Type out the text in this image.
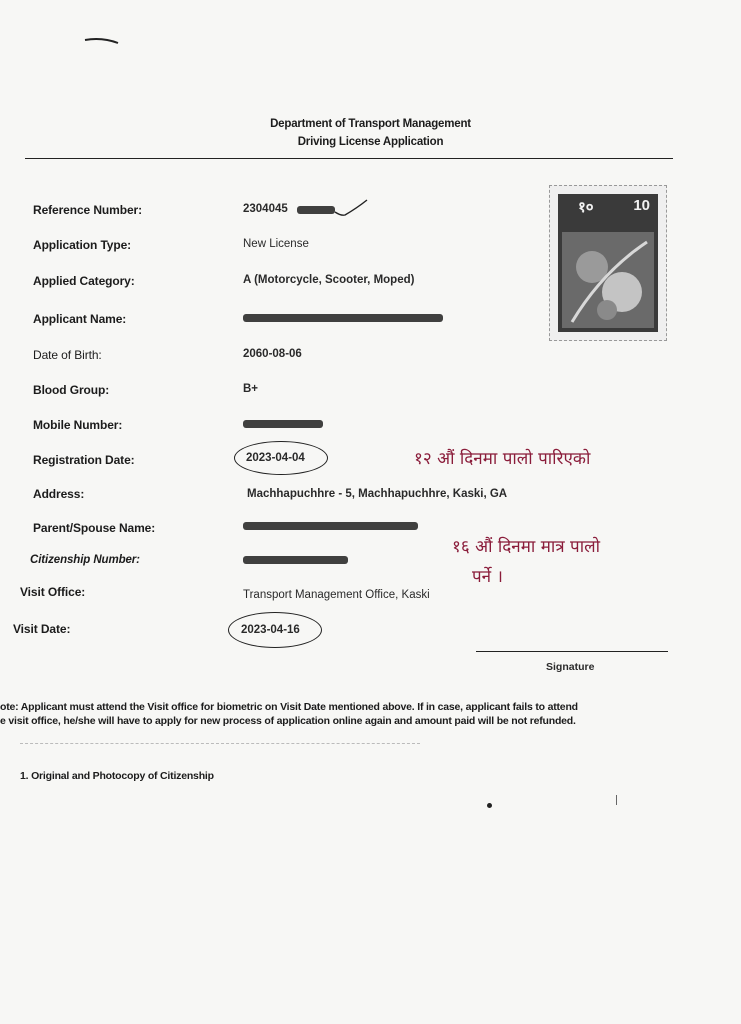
Department of Transport Management
Driving License Application
१०	10
Reference Number:	2304045
Application Type:	New License
Applied Category:	A (Motorcycle, Scooter, Moped)
Applicant Name:
Date of Birth:	2060-08-06
Blood Group:	B+
Mobile Number:
Registration Date:	2023-04-04	१२ औं दिनमा पालो पारिएको
Address:	Machhapuchhre - 5, Machhapuchhre, Kaski, GA
Parent/Spouse Name:
Citizenship Number:
१६ औं दिनमा मात्र पालो
पर्ने ।
Visit Office:	Transport Management Office, Kaski
Visit Date:	2023-04-16
Signature
ote: Applicant must attend the Visit office for biometric on Visit Date mentioned above. If in case, applicant fails to attend
e visit office, he/she will have to apply for new process of application online again and amount paid will be not refunded.
1. Original and Photocopy of Citizenship
